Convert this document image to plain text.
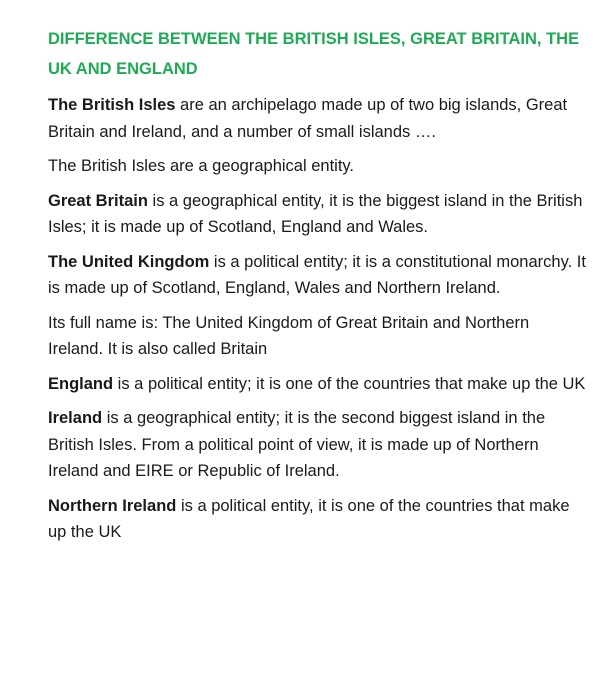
DIFFERENCE BETWEEN THE BRITISH ISLES, GREAT BRITAIN, THE UK AND ENGLAND

The British Isles are an archipelago made up of two big islands, Great Britain and Ireland, and a number of small islands ….

The British Isles are a geographical entity.

Great Britain is a geographical entity, it is the biggest island in the British Isles; it is made up of Scotland, England and Wales.

The United Kingdom is a political entity; it is a constitutional monarchy. It is made up of Scotland, England, Wales and Northern Ireland.

Its full name is: The United Kingdom of Great Britain and Northern Ireland. It is also called Britain

England is a political entity; it is one of the countries that make up the UK

Ireland is a geographical entity; it is the second biggest island in the British Isles. From a political point of view, it is made up of Northern Ireland and EIRE or Republic of Ireland.

Northern Ireland is a political entity, it is one of the countries that make up the UK
